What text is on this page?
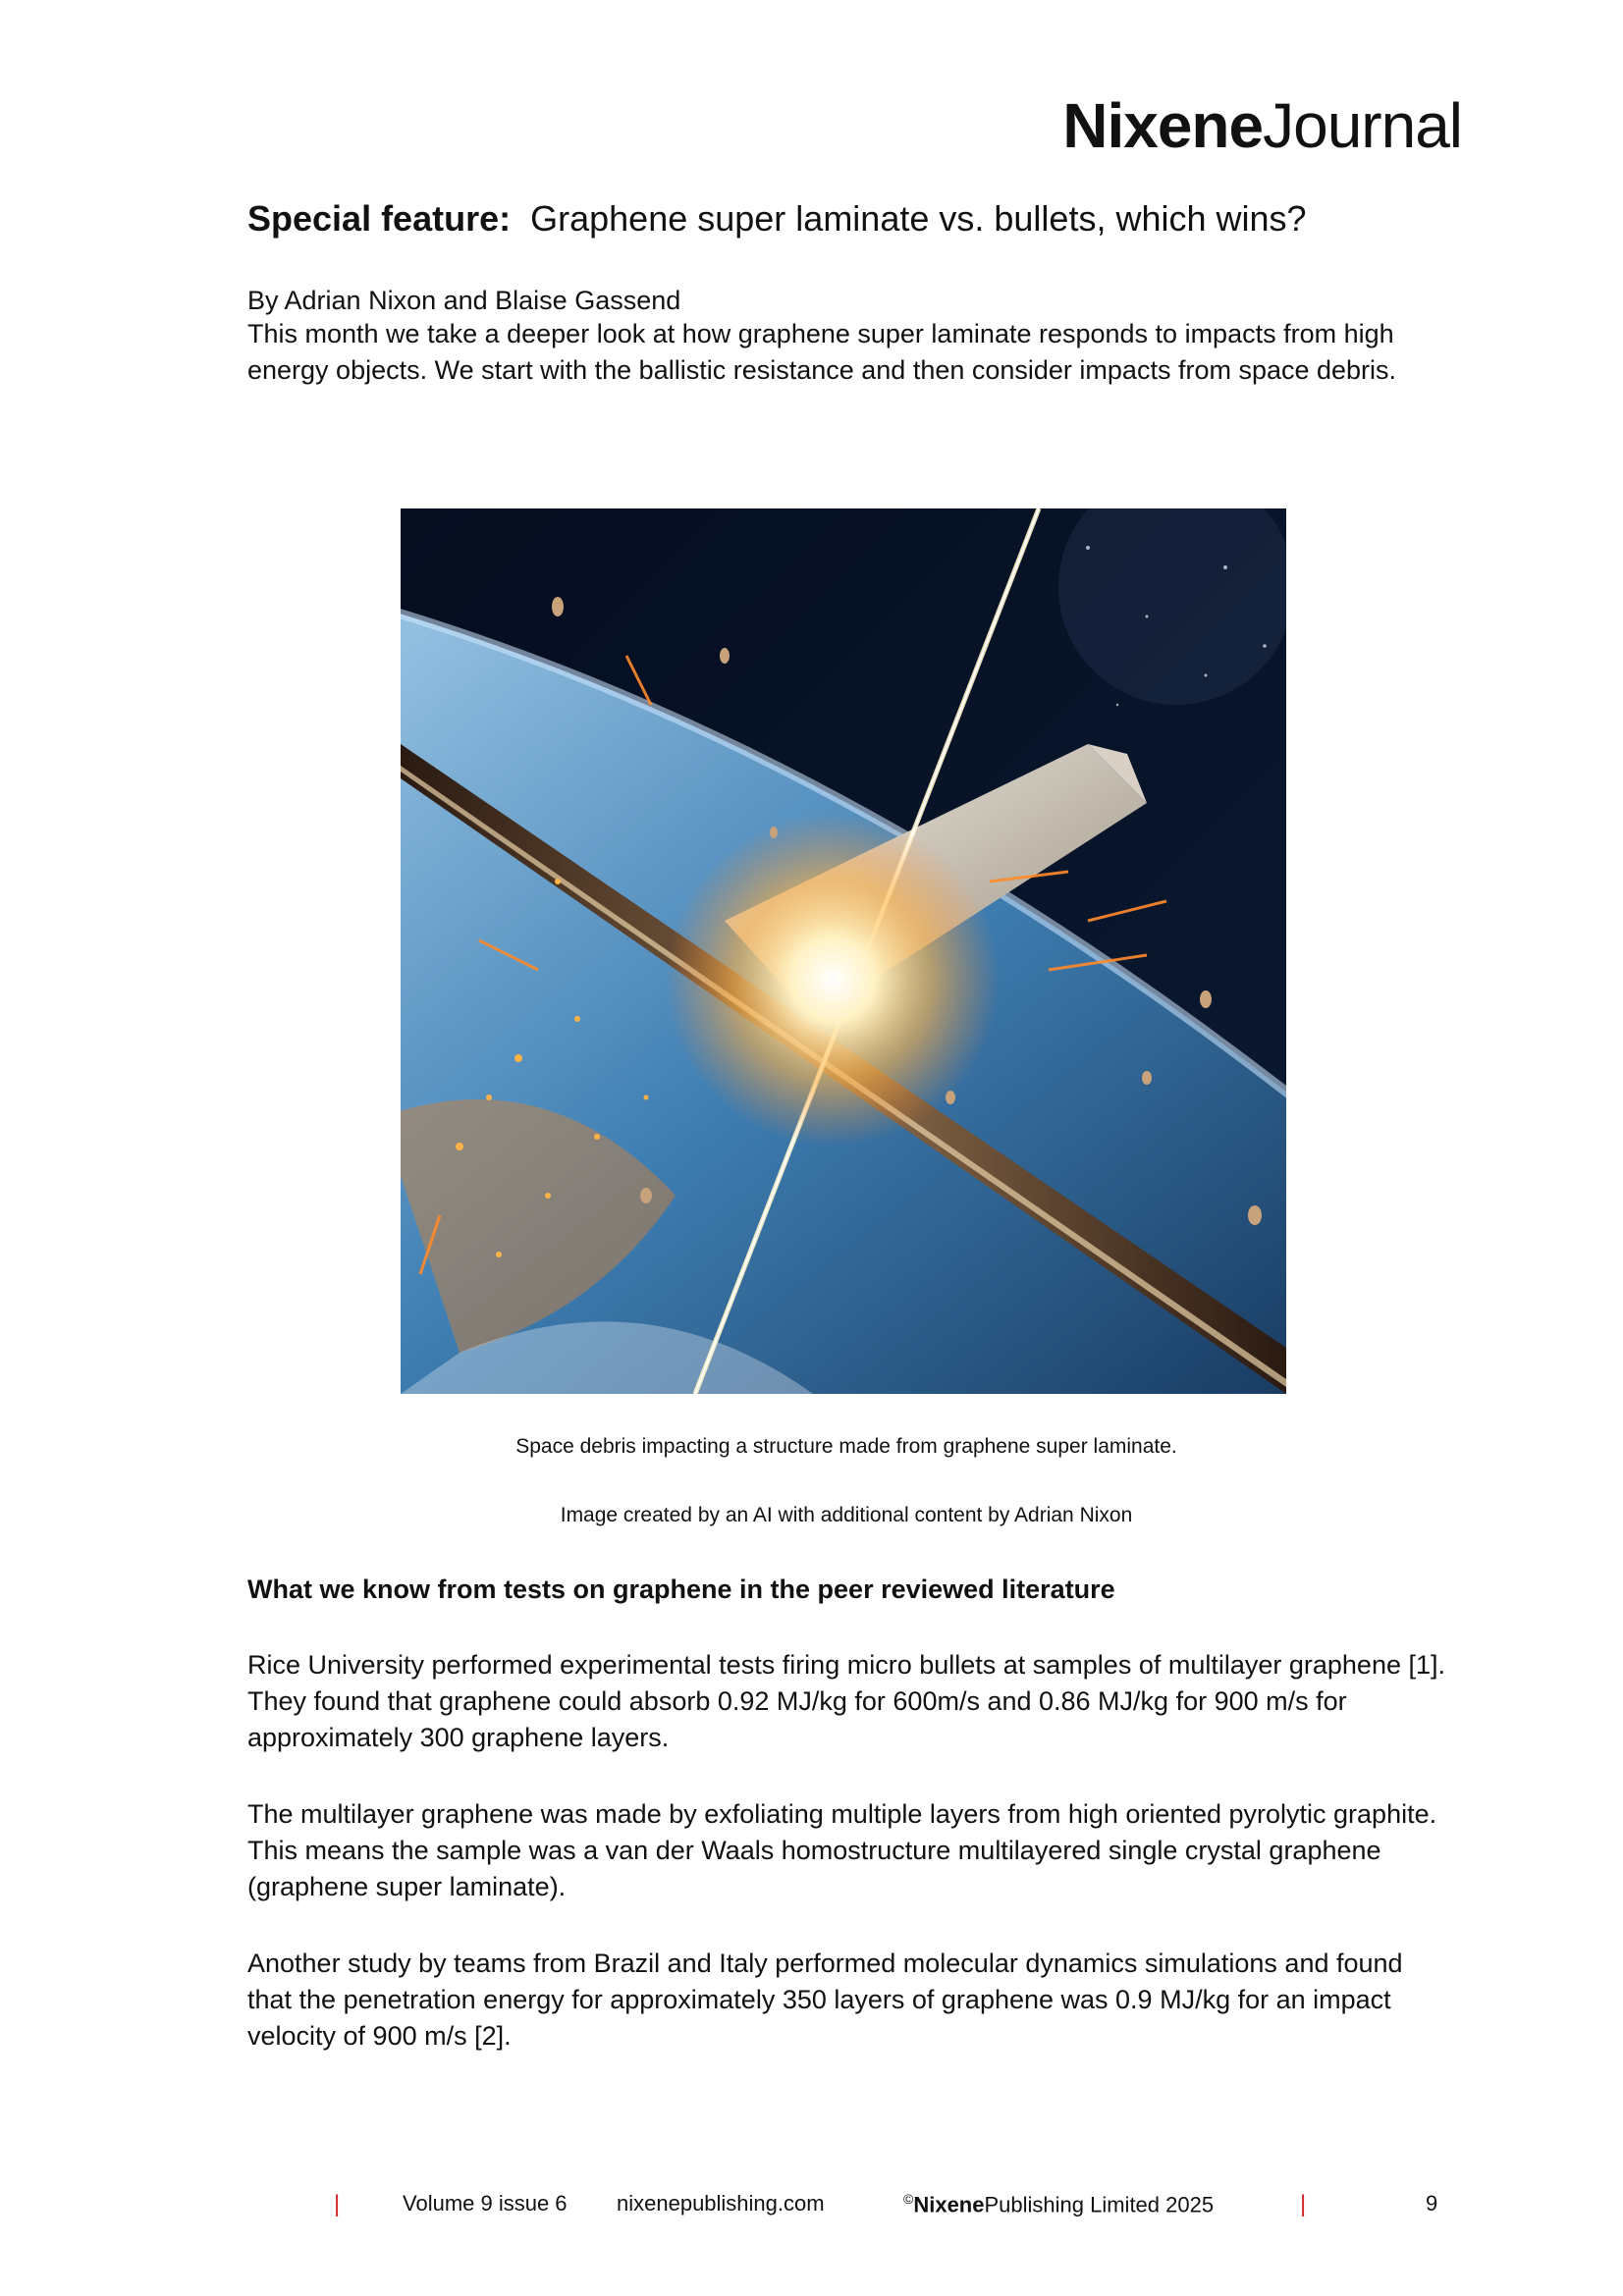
NixeneJournal
Special feature: Graphene super laminate vs. bullets, which wins?
By Adrian Nixon and Blaise Gassend

This month we take a deeper look at how graphene super laminate responds to impacts from high energy objects. We start with the ballistic resistance and then consider impacts from space debris.

Space debris impacting a structure made from graphene super laminate.
Image created by an AI with additional content by Adrian Nixon
What we know from tests on graphene in the peer reviewed literature

Rice University performed experimental tests firing micro bullets at samples of multilayer graphene [1]. They found that graphene could absorb 0.92 MJ/kg for 600m/s and 0.86 MJ/kg for 900 m/s for approximately 300 graphene layers.

The multilayer graphene was made by exfoliating multiple layers from high oriented pyrolytic graphite. This means the sample was a van der Waals homostructure multilayered single crystal graphene (graphene super laminate).

Another study by teams from Brazil and Italy performed molecular dynamics simulations and found that the penetration energy for approximately 350 layers of graphene was 0.9 MJ/kg for an impact velocity of 900 m/s [2].

|	Volume 9 issue 6 nixenepublishing.com	©NixenePublishing Limited 2025	|	9
